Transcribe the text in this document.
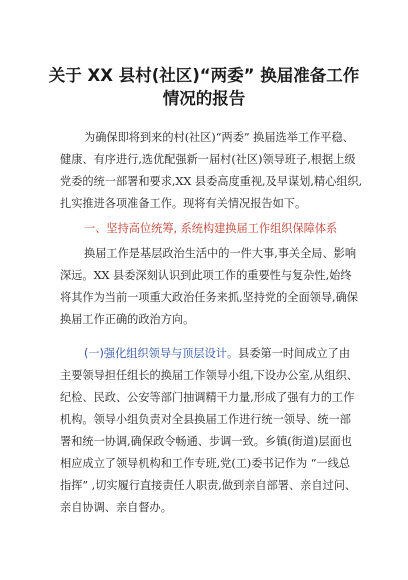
关于 XX 县村(社区)“两委” 换届准备工作
情况的报告
为确保即将到来的村(社区)“两委” 换届选举工作平稳、
健康、有序进行,选优配强新一届村(社区)领导班子,根据上级
党委的统一部署和要求,XX 县委高度重视,及早谋划,精心组织,
扎实推进各项准备工作。现将有关情况报告如下。
一、坚持高位统筹, 系统构建换届工作组织保障体系
换届工作是基层政治生活中的一件大事,事关全局、影响
深远。XX 县委深刻认识到此项工作的重要性与复杂性,始终
将其作为当前一项重大政治任务来抓,坚持党的全面领导,确保
换届工作正确的政治方向。
(一)强化组织领导与顶层设计。县委第一时间成立了由
主要领导担任组长的换届工作领导小组,下设办公室,从组织、
纪检、民政、公安等部门抽调精干力量,形成了强有力的工作
机构。领导小组负责对全县换届工作进行统一领导、统一部
署和统一协调,确保政令畅通、步调一致。乡镇(街道)层面也
相应成立了领导机构和工作专班,党(工)委书记作为 “一线总
指挥” ,切实履行直接责任人职责,做到亲自部署、亲自过问、
亲自协调、亲自督办。
